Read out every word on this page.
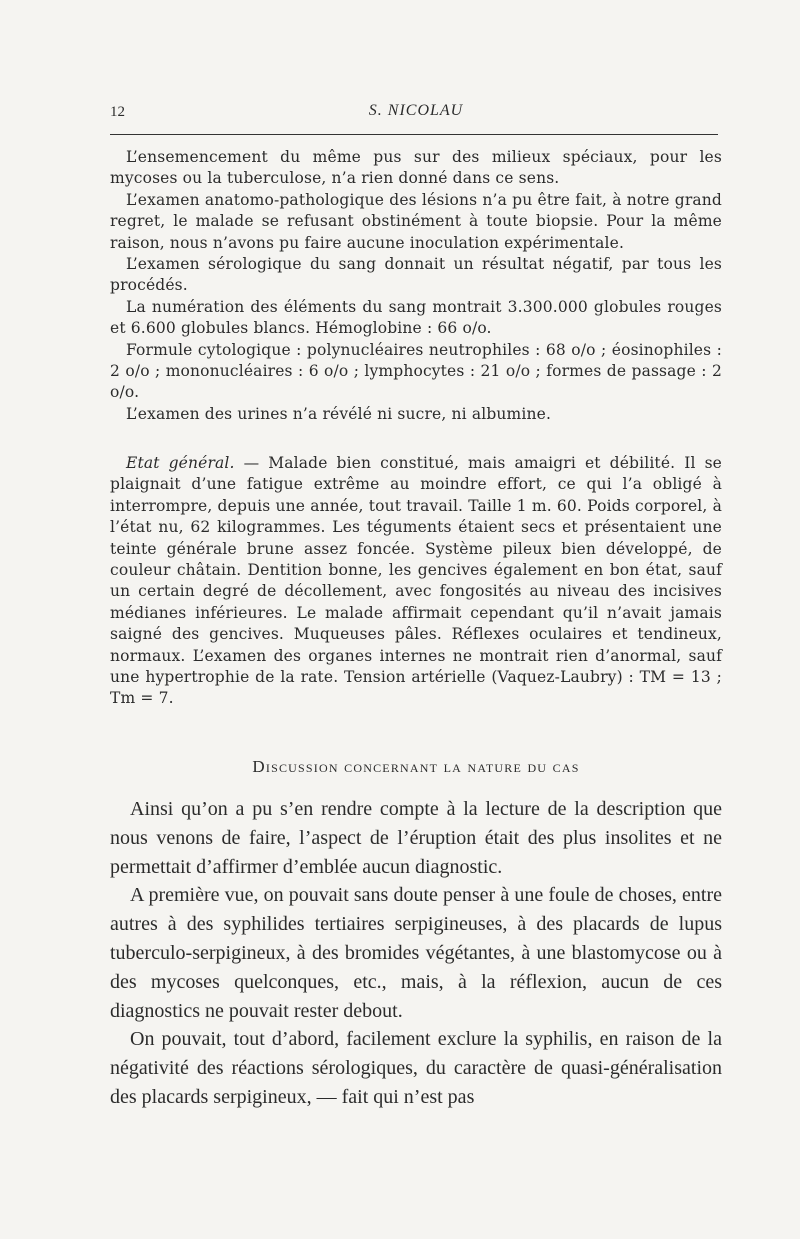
12	S. NICOLAU

L’ensemencement du même pus sur des milieux spéciaux, pour les mycoses ou la tuberculose, n’a rien donné dans ce sens.

L’examen anatomo-pathologique des lésions n’a pu être fait, à notre grand regret, le malade se refusant obstinément à toute biopsie. Pour la même raison, nous n’avons pu faire aucune inoculation expérimentale.

L’examen sérologique du sang donnait un résultat négatif, par tous les procédés.

La numération des éléments du sang montrait 3.300.000 globules rouges et 6.600 globules blancs. Hémoglobine : 66 o/o.

Formule cytologique : polynucléaires neutrophiles : 68 o/o ; éosinophiles : 2 o/o ; mononucléaires : 6 o/o ; lymphocytes : 21 o/o ; formes de passage : 2 o/o.

L’examen des urines n’a révélé ni sucre, ni albumine.

Etat général. — Malade bien constitué, mais amaigri et débilité. Il se plaignait d’une fatigue extrême au moindre effort, ce qui l’a obligé à interrompre, depuis une année, tout travail. Taille 1 m. 60. Poids corporel, à l’état nu, 62 kilogrammes. Les téguments étaient secs et présentaient une teinte générale brune assez foncée. Système pileux bien développé, de couleur châtain. Dentition bonne, les gencives également en bon état, sauf un certain degré de décollement, avec fongosités au niveau des incisives médianes inférieures. Le malade affirmait cependant qu’il n’avait jamais saigné des gencives. Muqueuses pâles. Réflexes oculaires et tendineux, normaux. L’examen des organes internes ne montrait rien d’anormal, sauf une hypertrophie de la rate. Tension artérielle (Vaquez-Laubry) : TM = 13 ; Tm = 7.

Discussion concernant la nature du cas

Ainsi qu’on a pu s’en rendre compte à la lecture de la description que nous venons de faire, l’aspect de l’éruption était des plus insolites et ne permettait d’affirmer d’emblée aucun diagnostic.

A première vue, on pouvait sans doute penser à une foule de choses, entre autres à des syphilides tertiaires serpigineuses, à des placards de lupus tuberculo-serpigineux, à des bromides végétantes, à une blastomycose ou à des mycoses quelconques, etc., mais, à la réflexion, aucun de ces diagnostics ne pouvait rester debout.

On pouvait, tout d’abord, facilement exclure la syphilis, en raison de la négativité des réactions sérologiques, du caractère de quasi-généralisation des placards serpigineux, — fait qui n’est pas
